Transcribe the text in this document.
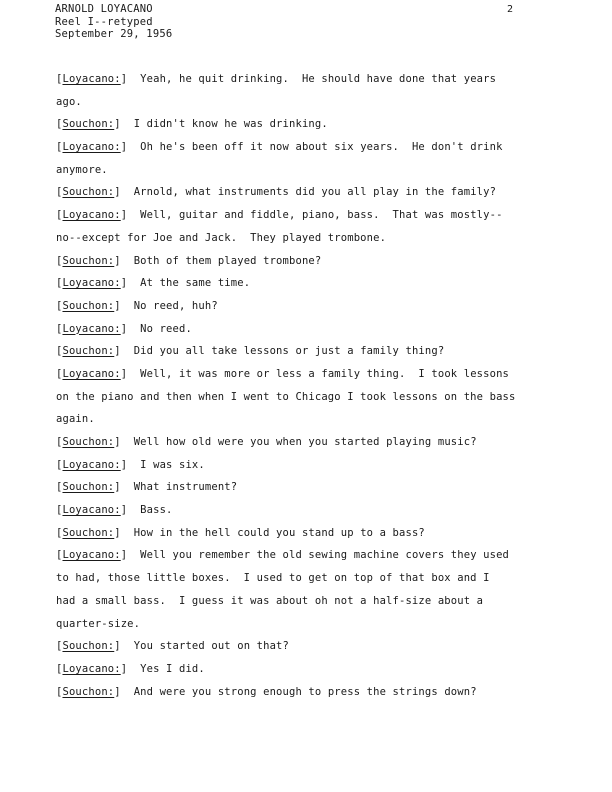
ARNOLD LOYACANO
Reel I--retyped
September 29, 1956
2
[Loyacano:]  Yeah, he quit drinking.  He should have done that years
ago.
[Souchon:]  I didn't know he was drinking.
[Loyacano:]  Oh he's been off it now about six years.  He don't drink
anymore.
[Souchon:]  Arnold, what instruments did you all play in the family?
[Loyacano:]  Well, guitar and fiddle, piano, bass.  That was mostly--
no--except for Joe and Jack.  They played trombone.
[Souchon:]  Both of them played trombone?
[Loyacano:]  At the same time.
[Souchon:]  No reed, huh?
[Loyacano:]  No reed.
[Souchon:]  Did you all take lessons or just a family thing?
[Loyacano:]  Well, it was more or less a family thing.  I took lessons
on the piano and then when I went to Chicago I took lessons on the bass
again.
[Souchon:]  Well how old were you when you started playing music?
[Loyacano:]  I was six.
[Souchon:]  What instrument?
[Loyacano:]  Bass.
[Souchon:]  How in the hell could you stand up to a bass?
[Loyacano:]  Well you remember the old sewing machine covers they used
to had, those little boxes.  I used to get on top of that box and I
had a small bass.  I guess it was about oh not a half-size about a
quarter-size.
[Souchon:]  You started out on that?
[Loyacano:]  Yes I did.
[Souchon:]  And were you strong enough to press the strings down?
